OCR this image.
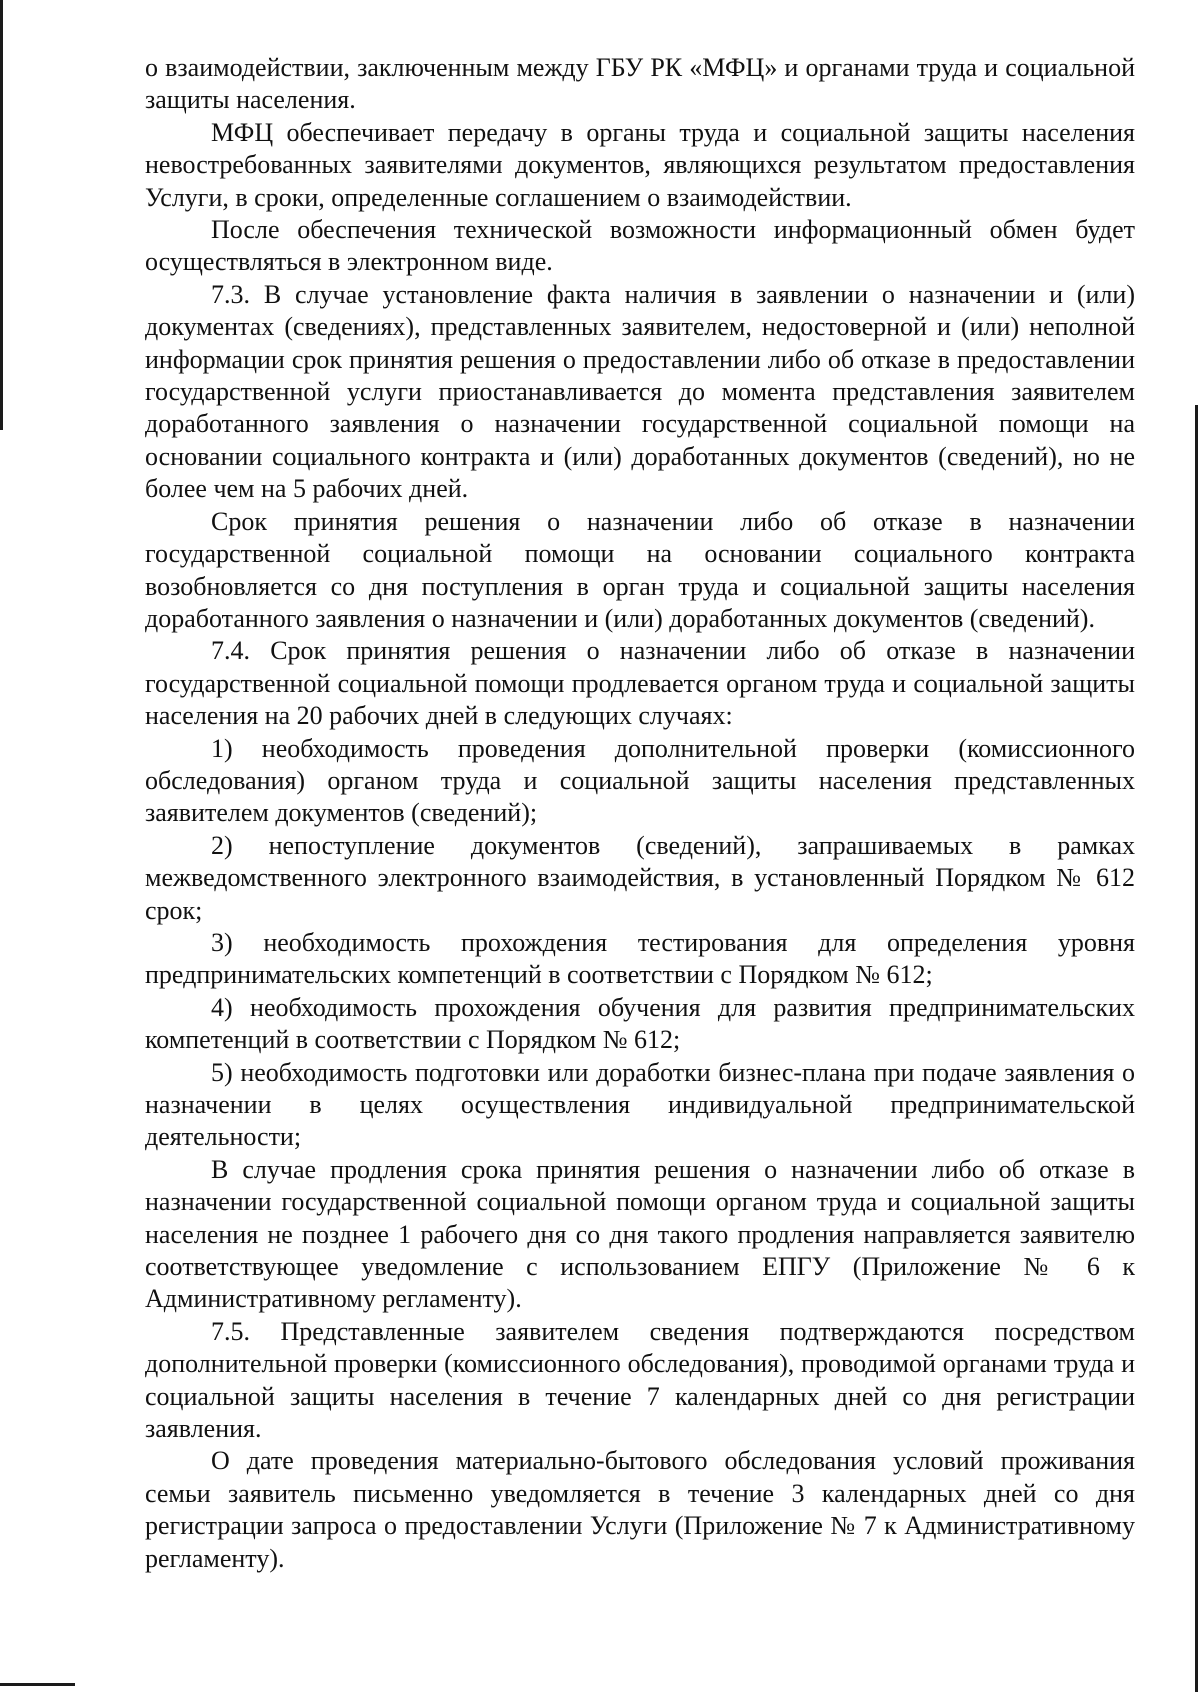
о взаимодействии, заключенным между ГБУ РК «МФЦ» и органами труда и социальной защиты населения.

МФЦ обеспечивает передачу в органы труда и социальной защиты населения невостребованных заявителями документов, являющихся результатом предоставления Услуги, в сроки, определенные соглашением о взаимодействии.

После обеспечения технической возможности информационный обмен будет осуществляться в электронном виде.

7.3. В случае установление факта наличия в заявлении о назначении и (или) документах (сведениях), представленных заявителем, недостоверной и (или) неполной информации срок принятия решения о предоставлении либо об отказе в предоставлении государственной услуги приостанавливается до момента представления заявителем доработанного заявления о назначении государственной социальной помощи на основании социального контракта и (или) доработанных документов (сведений), но не более чем на 5 рабочих дней.

Срок принятия решения о назначении либо об отказе в назначении государственной социальной помощи на основании социального контракта возобновляется со дня поступления в орган труда и социальной защиты населения доработанного заявления о назначении и (или) доработанных документов (сведений).

7.4. Срок принятия решения о назначении либо об отказе в назначении государственной социальной помощи продлевается органом труда и социальной защиты населения на 20 рабочих дней в следующих случаях:

1) необходимость проведения дополнительной проверки (комиссионного обследования) органом труда и социальной защиты населения представленных заявителем документов (сведений);

2) непоступление документов (сведений), запрашиваемых в рамках межведомственного электронного взаимодействия, в установленный Порядком № 612 срок;

3) необходимость прохождения тестирования для определения уровня предпринимательских компетенций в соответствии с Порядком № 612;

4) необходимость прохождения обучения для развития предпринимательских компетенций в соответствии с Порядком № 612;

5) необходимость подготовки или доработки бизнес-плана при подаче заявления о назначении в целях осуществления индивидуальной предпринимательской деятельности;

В случае продления срока принятия решения о назначении либо об отказе в назначении государственной социальной помощи органом труда и социальной защиты населения не позднее 1 рабочего дня со дня такого продления направляется заявителю соответствующее уведомление с использованием ЕПГУ (Приложение № 6 к Административному регламенту).

7.5. Представленные заявителем сведения подтверждаются посредством дополнительной проверки (комиссионного обследования), проводимой органами труда и социальной защиты населения в течение 7 календарных дней со дня регистрации заявления.

О дате проведения материально-бытового обследования условий проживания семьи заявитель письменно уведомляется в течение 3 календарных дней со дня регистрации запроса о предоставлении Услуги (Приложение № 7 к Административному регламенту).
